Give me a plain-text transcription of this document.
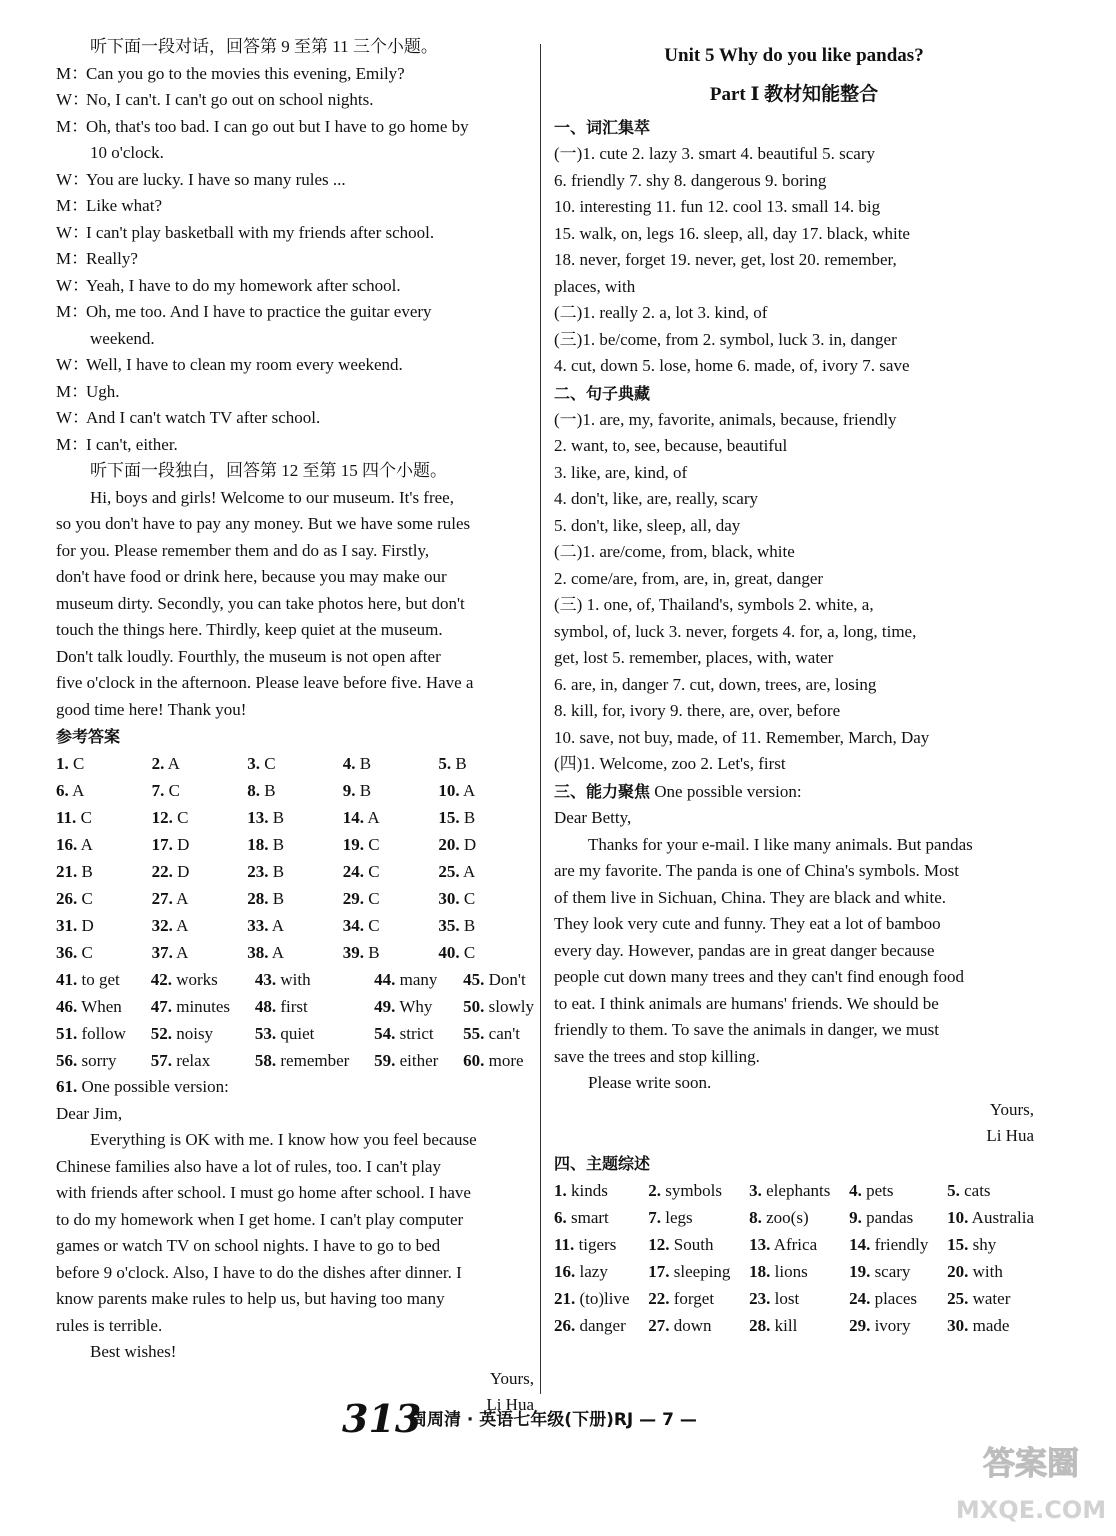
听下面一段对话，回答第 9 至第 11 三个小题。
M：
Can you go to the movies this evening, Emily?
W：
No, I can't. I can't go out on school nights.
M：
Oh, that's too bad. I can go out but I have to go home by
10 o'clock.
W：
You are lucky. I have so many rules ...
M：
Like what?
W：
I can't play basketball with my friends after school.
M：
Really?
W：
Yeah, I have to do my homework after school.
M：
Oh, me too. And I have to practice the guitar every
weekend.
W：
Well, I have to clean my room every weekend.
M：
Ugh.
W：
And I can't watch TV after school.
M：
I can't, either.
听下面一段独白，回答第 12 至第 15 四个小题。
Hi, boys and girls! Welcome to our museum. It's free,
so you don't have to pay any money. But we have some rules
for you. Please remember them and do as I say. Firstly,
don't have food or drink here, because you may make our
museum dirty. Secondly, you can take photos here, but don't
touch the things here. Thirdly, keep quiet at the museum.
Don't talk loudly. Fourthly, the museum is not open after
five o'clock in the afternoon. Please leave before five. Have a
good time here! Thank you!
参考答案
1. C	2. A	3. C	4. B	5. B
6. A	7. C	8. B	9. B	10. A
11. C	12. C	13. B	14. A	15. B
16. A	17. D	18. B	19. C	20. D
21. B	22. D	23. B	24. C	25. A
26. C	27. A	28. B	29. C	30. C
31. D	32. A	33. A	34. C	35. B
36. C	37. A	38. A	39. B	40. C
41. to get	42. works	43. with	44. many 45. Don't
46. When 47. minutes 48. first	49. Why	50. slowly
51. follow 52. noisy	53. quiet	54. strict 55. can't
56. sorry	57. relax	58. remember 59. either 60. more
61. One possible version:
Dear Jim,
Everything is OK with me. I know how you feel because
Chinese families also have a lot of rules, too. I can't play
with friends after school. I must go home after school. I have
to do my homework when I get home. I can't play computer
games or watch TV on school nights. I have to go to bed
before 9 o'clock. Also, I have to do the dishes after dinner. I
know parents make rules to help us, but having too many
rules is terrible.
Best wishes!
Yours,
Li Hua
Unit 5 Why do you like pandas?
Part Ⅰ 教材知能整合
一、词汇集萃
(一)1. cute 2. lazy 3. smart 4. beautiful 5. scary
6. friendly 7. shy 8. dangerous 9. boring
10. interesting 11. fun 12. cool 13. small 14. big
15. walk, on, legs 16. sleep, all, day 17. black, white
18. never, forget 19. never, get, lost 20. remember,
places, with
(二)1. really 2. a, lot 3. kind, of
(三)1. be/come, from 2. symbol, luck 3. in, danger
4. cut, down 5. lose, home 6. made, of, ivory 7. save
二、句子典藏
(一)1. are, my, favorite, animals, because, friendly
2. want, to, see, because, beautiful
3. like, are, kind, of
4. don't, like, are, really, scary
5. don't, like, sleep, all, day
(二)1. are/come, from, black, white
2. come/are, from, are, in, great, danger
(三) 1. one, of, Thailand's, symbols 2. white, a,
symbol, of, luck 3. never, forgets 4. for, a, long, time,
get, lost 5. remember, places, with, water
6. are, in, danger 7. cut, down, trees, are, losing
8. kill, for, ivory 9. there, are, over, before
10. save, not buy, made, of 11. Remember, March, Day
(四)1. Welcome, zoo 2. Let's, first
三、能力聚焦 One possible version:
Dear Betty,
Thanks for your e-mail. I like many animals. But pandas
are my favorite. The panda is one of China's symbols. Most
of them live in Sichuan, China. They are black and white.
They look very cute and funny. They eat a lot of bamboo
every day. However, pandas are in great danger because
people cut down many trees and they can't find enough food
to eat. I think animals are humans' friends. We should be
friendly to them. To save the animals in danger, we must
save the trees and stop killing.
Please write soon.
Yours,
Li Hua
四、主题综述
1. kinds	2. symbols	3. elephants 4. pets	5. cats
6. smart	7. legs	8. zoo(s)	9. pandas	10. Australia
11. tigers	12. South	13. Africa	14. friendly 15. shy
16. lazy	17. sleeping 18. lions	19. scary	20. with
21. (to)live 22. forget	23. lost	24. places	25. water
26. danger 27. down	28. kill	29. ivory	30. made
313
周周清 · 英语七年级(下册)RJ — 7 —
答案圈
MXQE.COM
